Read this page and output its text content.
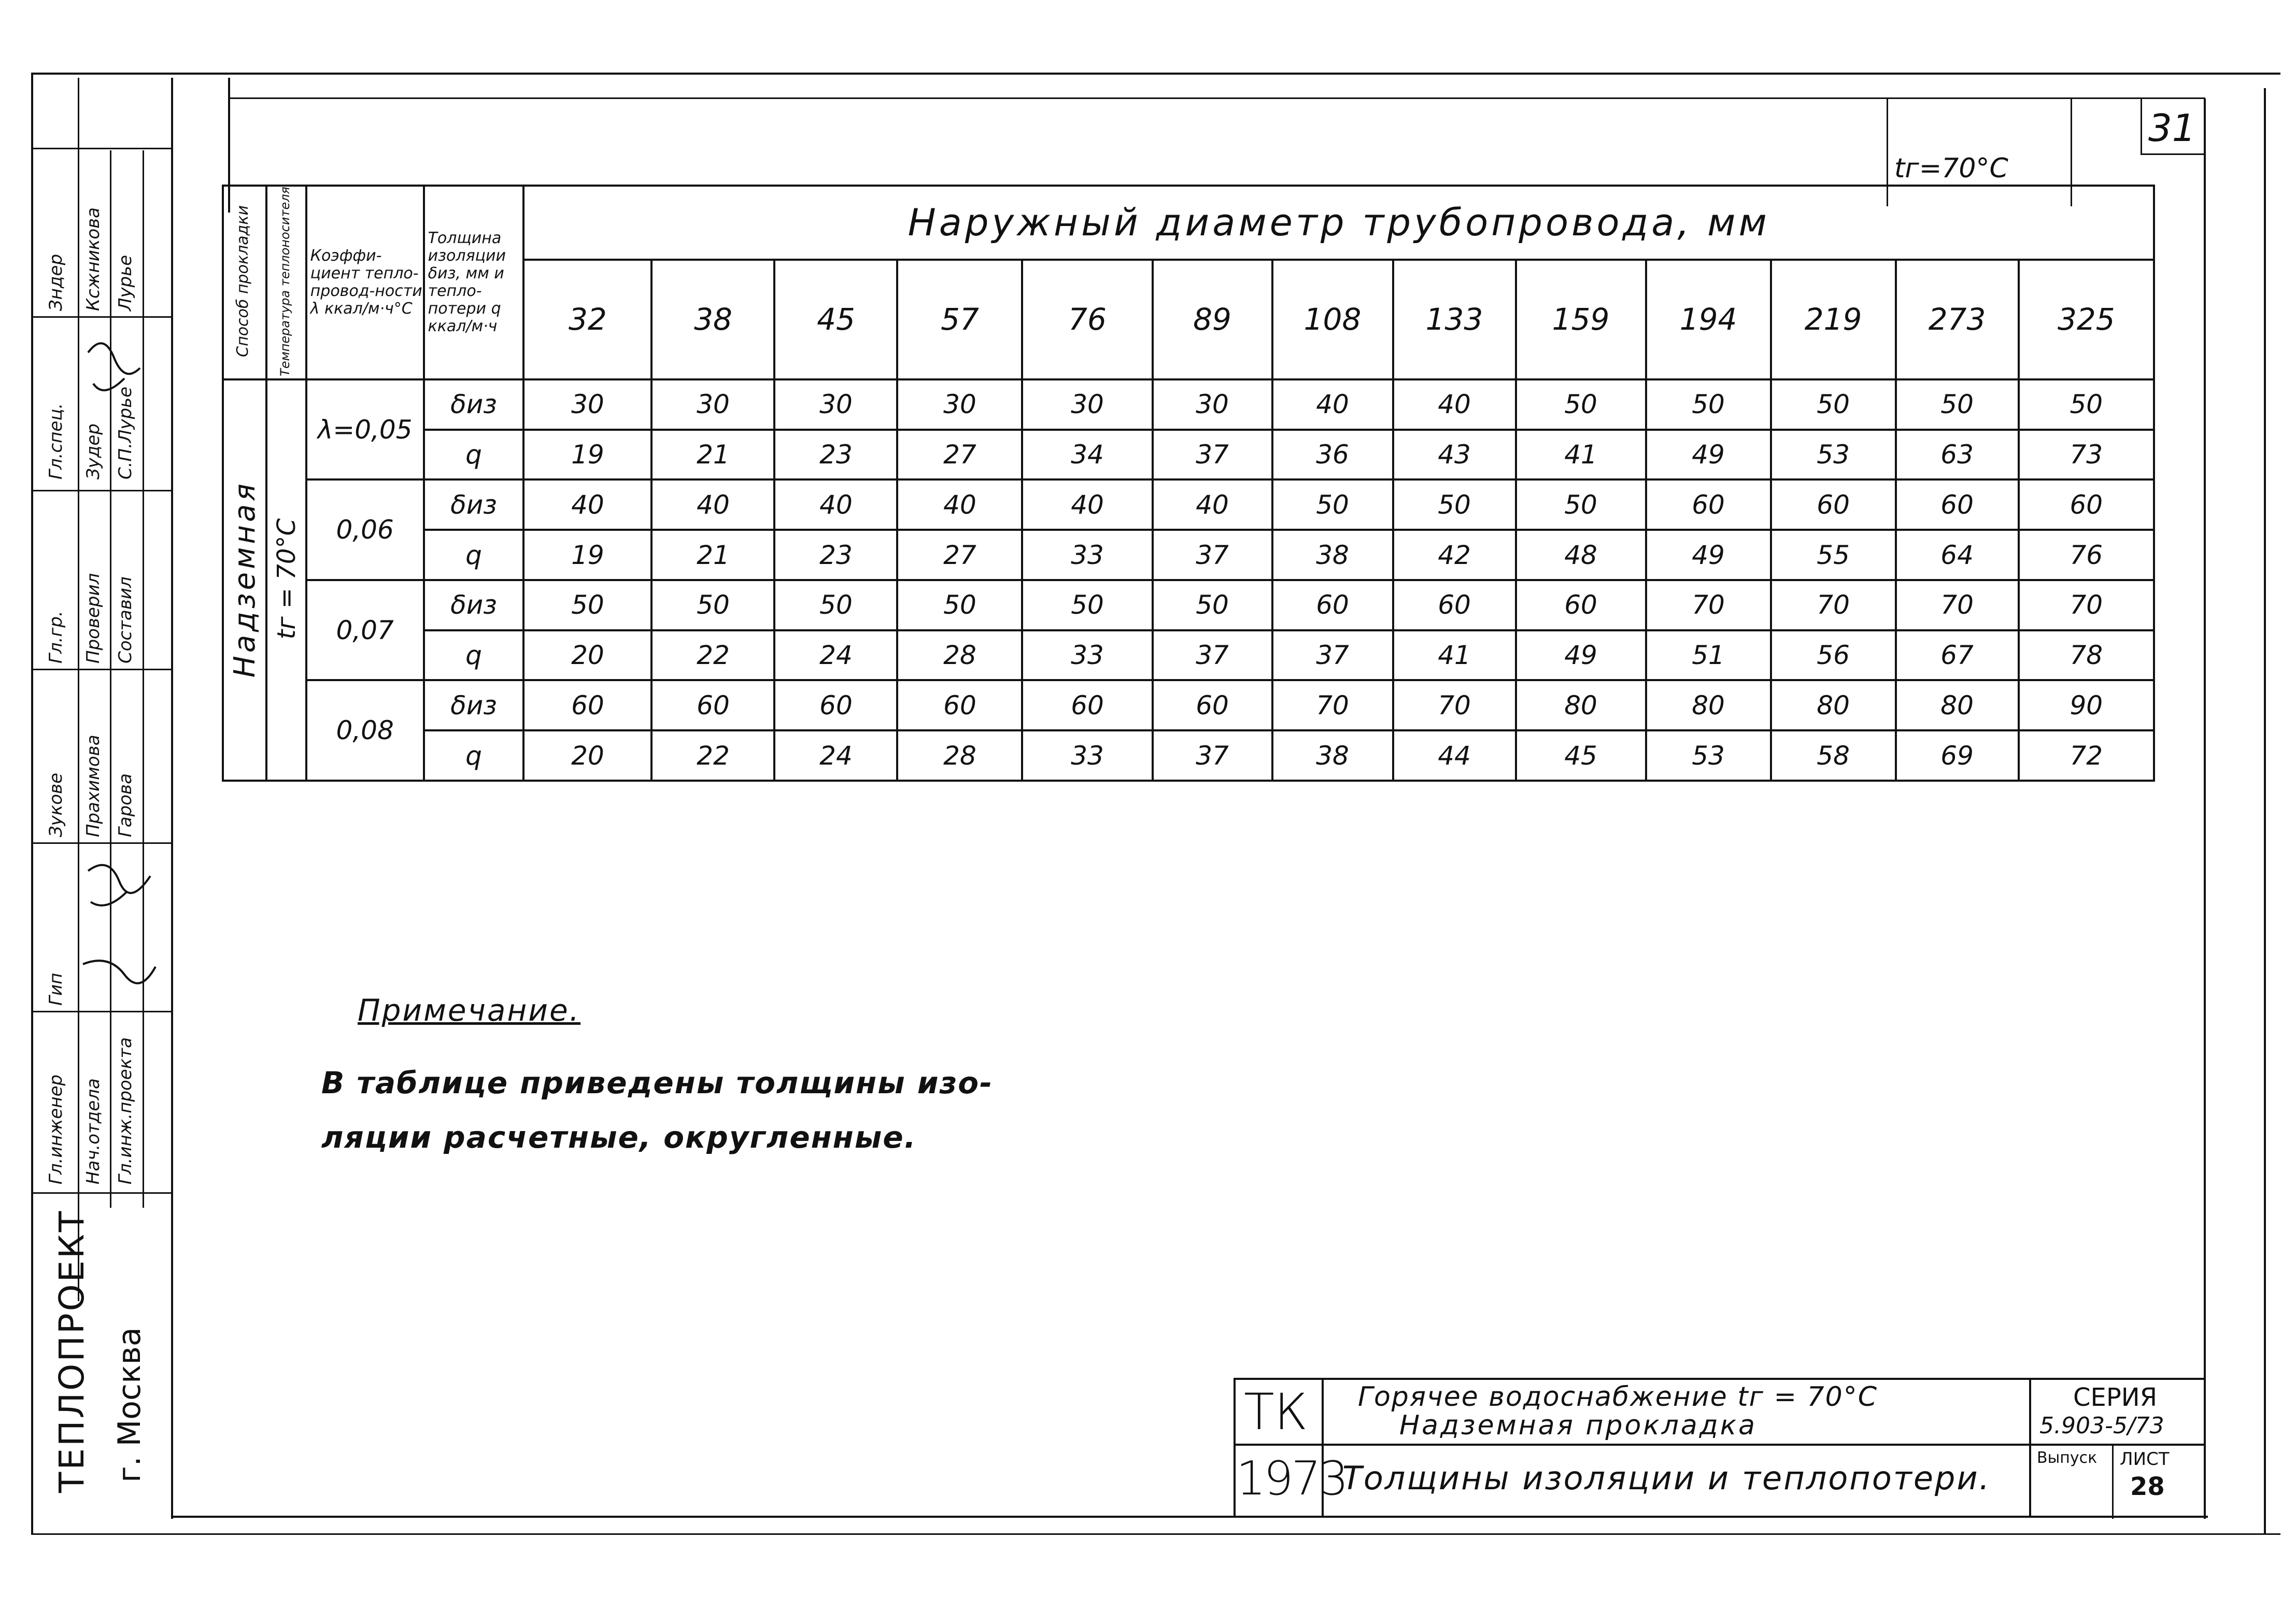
31
tг=70°С
Зндер Ксжникова Лурье
Гл.спец. Зудер С.П.Лурье
Гл.гр. Проверил Составил
Зукове Прахимова Гарова
Гип
Гл.инженер Нач.отдела Гл.инж.проекта
ТЕПЛОПРОЕКТ г. Москва
Способ прокладки	Температура теплоносителя	Коэффи-циент тепло-провод-ности λ ккал/м·ч°С	Толщина изоляции δиз, мм и тепло-потери q ккал/м·ч	Наружный диаметр трубопровода, мм												
				32	38	45	57	76	89	108	133	159	194	219	273	325
Надземная	tг = 70°С	λ=0,05	δиз	30	30	30	30	30	30	40	40	50	50	50	50	50
			q	19	21	23	27	34	37	36	43	41	49	53	63	73
		0,06	δиз	40	40	40	40	40	40	50	50	50	60	60	60	60
			q	19	21	23	27	33	37	38	42	48	49	55	64	76
		0,07	δиз	50	50	50	50	50	50	60	60	60	70	70	70	70
			q	20	22	24	28	33	37	37	41	49	51	56	67	78
		0,08	δиз	60	60	60	60	60	60	70	70	80	80	80	80	90
			q	20	22	24	28	33	37	38	44	45	53	58	69	72
Примечание.
В таблице приведены толщины изо-
ляции расчетные, округленные.
ТК
1973
Горячее водоснабжение tг = 70°С
Надземная прокладка
Толщины изоляции и теплопотери.
СЕРИЯ
5.903-5/73
Выпуск ЛИСТ
28
